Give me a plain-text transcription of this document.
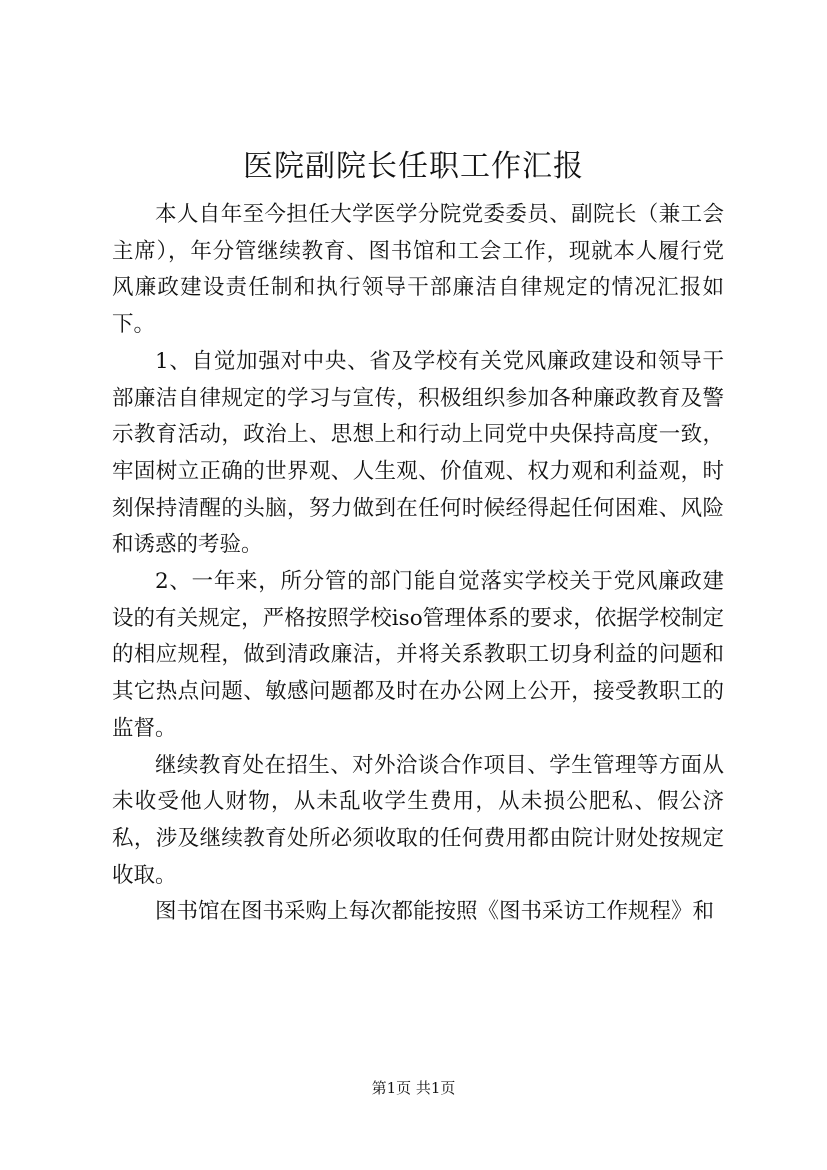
医院副院长任职工作汇报

本人自年至今担任大学医学分院党委委员、副院长（兼工会主席），年分管继续教育、图书馆和工会工作，现就本人履行党风廉政建设责任制和执行领导干部廉洁自律规定的情况汇报如下。

1、自觉加强对中央、省及学校有关党风廉政建设和领导干部廉洁自律规定的学习与宣传，积极组织参加各种廉政教育及警示教育活动，政治上、思想上和行动上同党中央保持高度一致，牢固树立正确的世界观、人生观、价值观、权力观和利益观，时刻保持清醒的头脑，努力做到在任何时候经得起任何困难、风险和诱惑的考验。

2、一年来，所分管的部门能自觉落实学校关于党风廉政建设的有关规定，严格按照学校iso管理体系的要求，依据学校制定的相应规程，做到清政廉洁，并将关系教职工切身利益的问题和其它热点问题、敏感问题都及时在办公网上公开，接受教职工的监督。

继续教育处在招生、对外洽谈合作项目、学生管理等方面从未收受他人财物，从未乱收学生费用，从未损公肥私、假公济私，涉及继续教育处所必须收取的任何费用都由院计财处按规定收取。

图书馆在图书采购上每次都能按照《图书采访工作规程》和

第1页 共1页
